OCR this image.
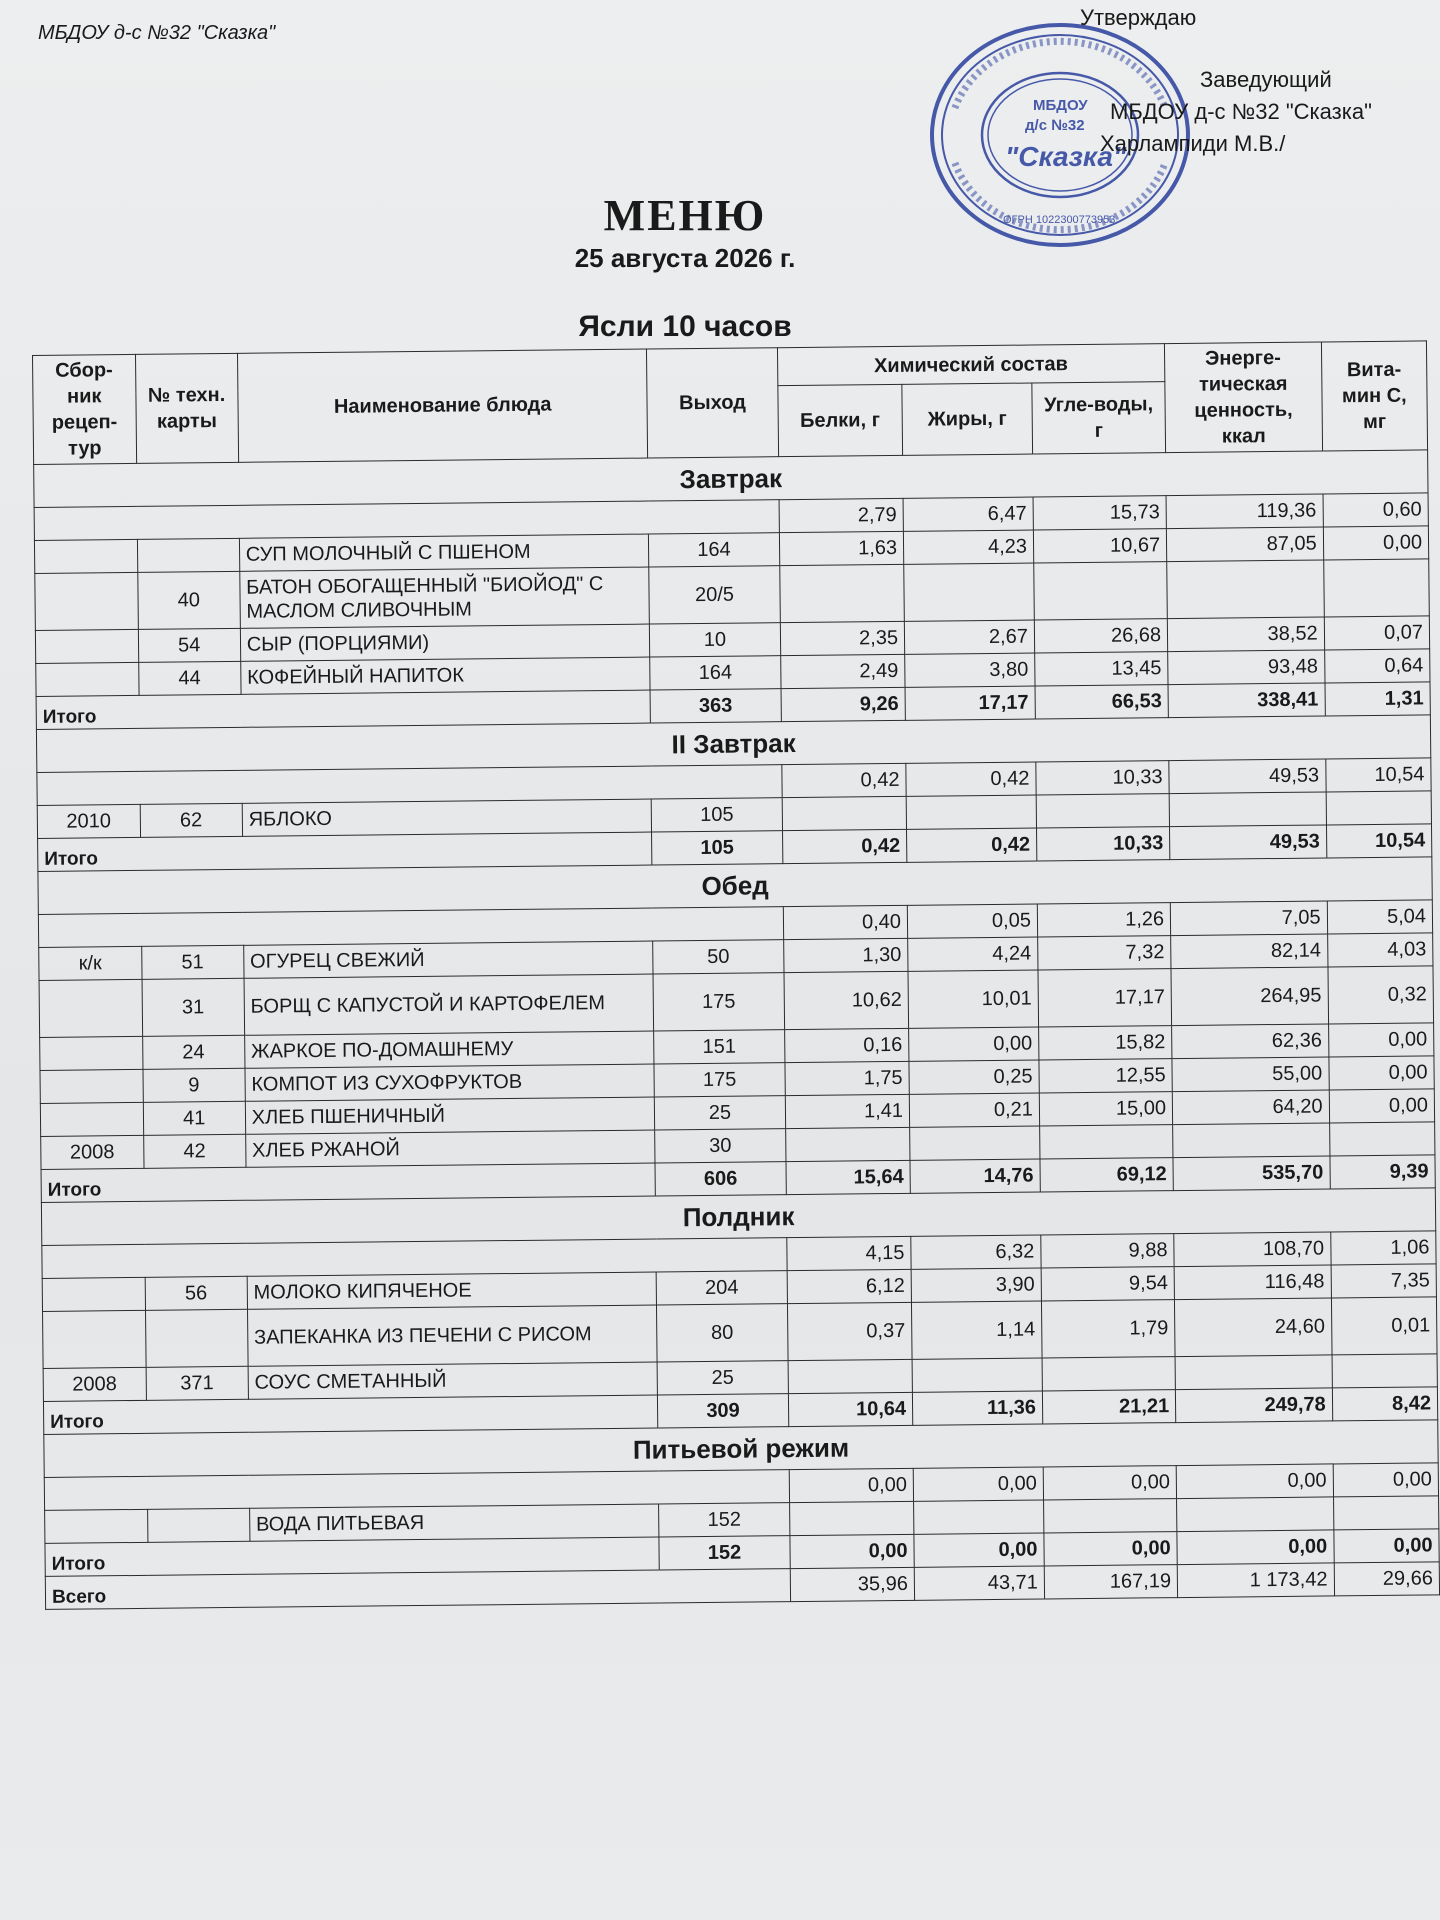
МБДОУ д-с №32 "Сказка"
МБДОУ
д/с №32
"Сказка"
ОГРН 1022300773953
Утверждаю
Заведующий
МБДОУ д-с №32 "Сказка"
Харлампиди М.В./
МЕНЮ
25 августа 2026 г.
Ясли 10 часов
Сбор-ник рецеп-тур	№ техн. карты	Наименование блюда	Выход	Химический состав			Энерге-тическая ценность, ккал	Вита-мин С, мг
				Белки, г	Жиры, г	Угле-воды, г		
Завтрак								
				2,79	6,47	15,73	119,36	0,60
		СУП МОЛОЧНЫЙ С ПШЕНОМ	164	1,63	4,23	10,67	87,05	0,00
	40	БАТОН ОБОГАЩЕННЫЙ "БИОЙОД" С МАСЛОМ СЛИВОЧНЫМ	20/5					
	54	СЫР (ПОРЦИЯМИ)	10	2,35	2,67	26,68	38,52	0,07
	44	КОФЕЙНЫЙ НАПИТОК	164	2,49	3,80	13,45	93,48	0,64
Итого			363	9,26	17,17	66,53	338,41	1,31
II Завтрак								
				0,42	0,42	10,33	49,53	10,54
2010	62	ЯБЛОКО	105					
Итого			105	0,42	0,42	10,33	49,53	10,54
Обед								
				0,40	0,05	1,26	7,05	5,04
к/к	51	ОГУРЕЦ СВЕЖИЙ	50	1,30	4,24	7,32	82,14	4,03
	31	БОРЩ С КАПУСТОЙ И КАРТОФЕЛЕМ	175	10,62	10,01	17,17	264,95	0,32
	24	ЖАРКОЕ ПО-ДОМАШНЕМУ	151	0,16	0,00	15,82	62,36	0,00
	9	КОМПОТ ИЗ СУХОФРУКТОВ	175	1,75	0,25	12,55	55,00	0,00
	41	ХЛЕБ ПШЕНИЧНЫЙ	25	1,41	0,21	15,00	64,20	0,00
2008	42	ХЛЕБ РЖАНОЙ	30					
Итого			606	15,64	14,76	69,12	535,70	9,39
Полдник								
				4,15	6,32	9,88	108,70	1,06
	56	МОЛОКО КИПЯЧЕНОЕ	204	6,12	3,90	9,54	116,48	7,35
		ЗАПЕКАНКА ИЗ ПЕЧЕНИ С РИСОМ	80	0,37	1,14	1,79	24,60	0,01
2008	371	СОУС СМЕТАННЫЙ	25					
Итого			309	10,64	11,36	21,21	249,78	8,42
Питьевой режим								
				0,00	0,00	0,00	0,00	0,00
		ВОДА ПИТЬЕВАЯ	152					
Итого			152	0,00	0,00	0,00	0,00	0,00
Всего				35,96	43,71	167,19	1 173,42	29,66
